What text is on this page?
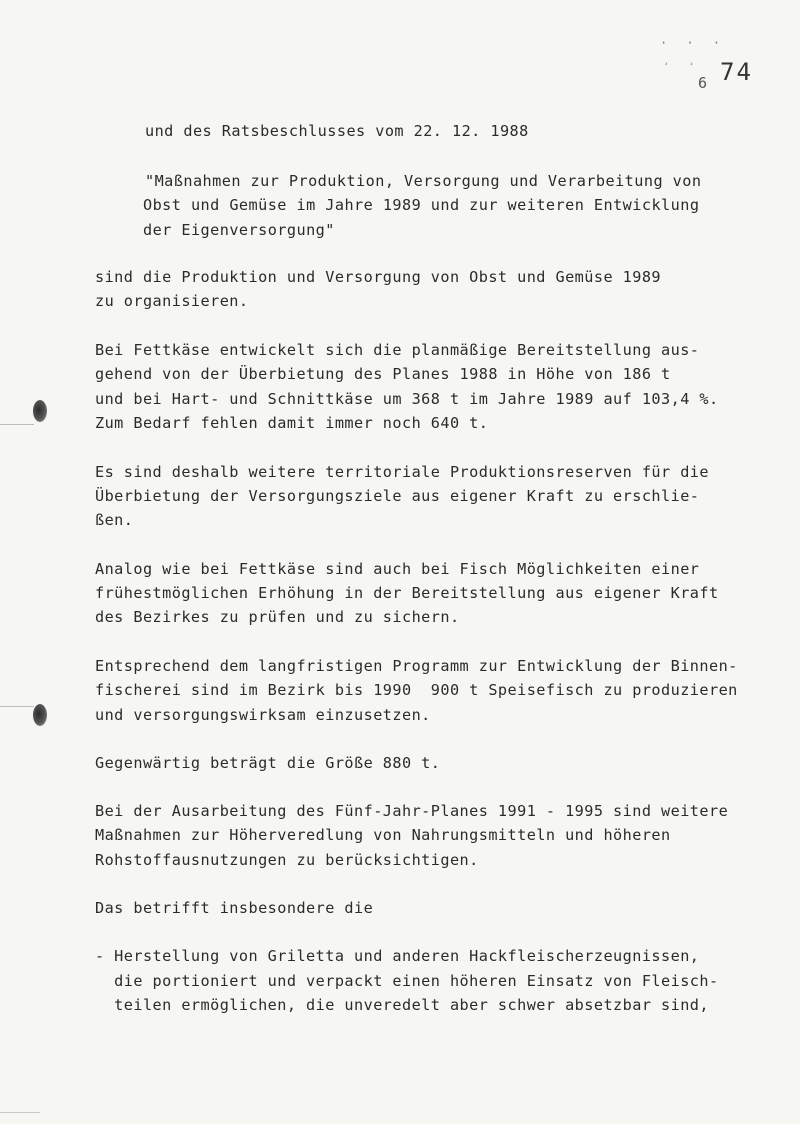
· · ·
˒ ˒
6 74
und des Ratsbeschlusses vom 22. 12. 1988
"Maßnahmen zur Produktion, Versorgung und Verarbeitung von
Obst und Gemüse im Jahre 1989 und zur weiteren Entwicklung
der Eigenversorgung"
sind die Produktion und Versorgung von Obst und Gemüse 1989
zu organisieren.
Bei Fettkäse entwickelt sich die planmäßige Bereitstellung aus-
gehend von der Überbietung des Planes 1988 in Höhe von 186 t
und bei Hart- und Schnittkäse um 368 t im Jahre 1989 auf 103,4 %.
Zum Bedarf fehlen damit immer noch 640 t.
Es sind deshalb weitere territoriale Produktionsreserven für die
Überbietung der Versorgungsziele aus eigener Kraft zu erschlie-
ßen.
Analog wie bei Fettkäse sind auch bei Fisch Möglichkeiten einer
frühestmöglichen Erhöhung in der Bereitstellung aus eigener Kraft
des Bezirkes zu prüfen und zu sichern.
Entsprechend dem langfristigen Programm zur Entwicklung der Binnen-
fischerei sind im Bezirk bis 1990  900 t Speisefisch zu produzieren
und versorgungswirksam einzusetzen.
Gegenwärtig beträgt die Größe 880 t.
Bei der Ausarbeitung des Fünf-Jahr-Planes 1991 - 1995 sind weitere
Maßnahmen zur Höherveredlung von Nahrungsmitteln und höheren
Rohstoffausnutzungen zu berücksichtigen.
Das betrifft insbesondere die
- Herstellung von Griletta und anderen Hackfleischerzeugnissen,
die portioniert und verpackt einen höheren Einsatz von Fleisch-
teilen ermöglichen, die unveredelt aber schwer absetzbar sind,
